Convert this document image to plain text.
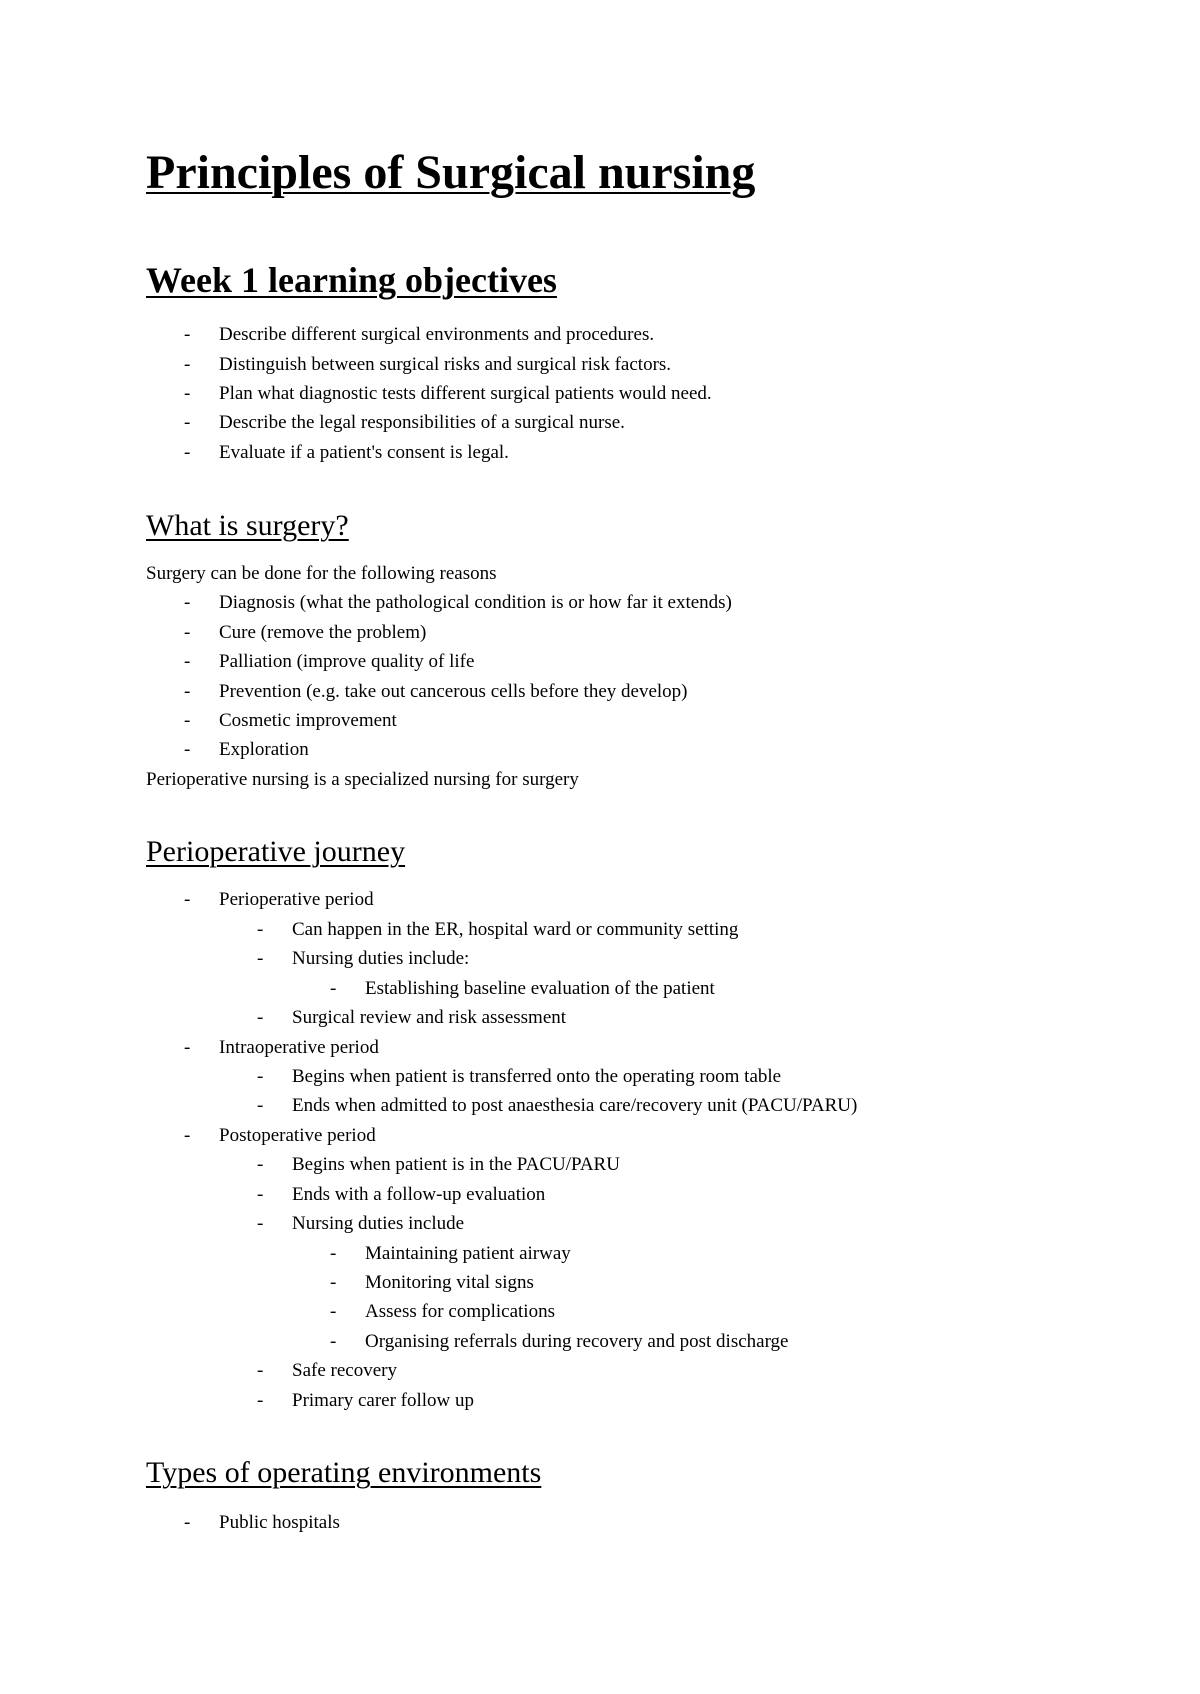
Principles of Surgical nursing
Week 1 learning objectives
- Describe different surgical environments and procedures.
- Distinguish between surgical risks and surgical risk factors.
- Plan what diagnostic tests different surgical patients would need.
- Describe the legal responsibilities of a surgical nurse.
- Evaluate if a patient's consent is legal.
What is surgery?
Surgery can be done for the following reasons
- Diagnosis (what the pathological condition is or how far it extends)
- Cure (remove the problem)
- Palliation (improve quality of life
- Prevention (e.g. take out cancerous cells before they develop)
- Cosmetic improvement
- Exploration
Perioperative nursing is a specialized nursing for surgery
Perioperative journey
- Perioperative period
- Can happen in the ER, hospital ward or community setting
- Nursing duties include:
- Establishing baseline evaluation of the patient
- Surgical review and risk assessment
- Intraoperative period
- Begins when patient is transferred onto the operating room table
- Ends when admitted to post anaesthesia care/recovery unit (PACU/PARU)
- Postoperative period
- Begins when patient is in the PACU/PARU
- Ends with a follow-up evaluation
- Nursing duties include
- Maintaining patient airway
- Monitoring vital signs
- Assess for complications
- Organising referrals during recovery and post discharge
- Safe recovery
- Primary carer follow up
Types of operating environments
- Public hospitals
